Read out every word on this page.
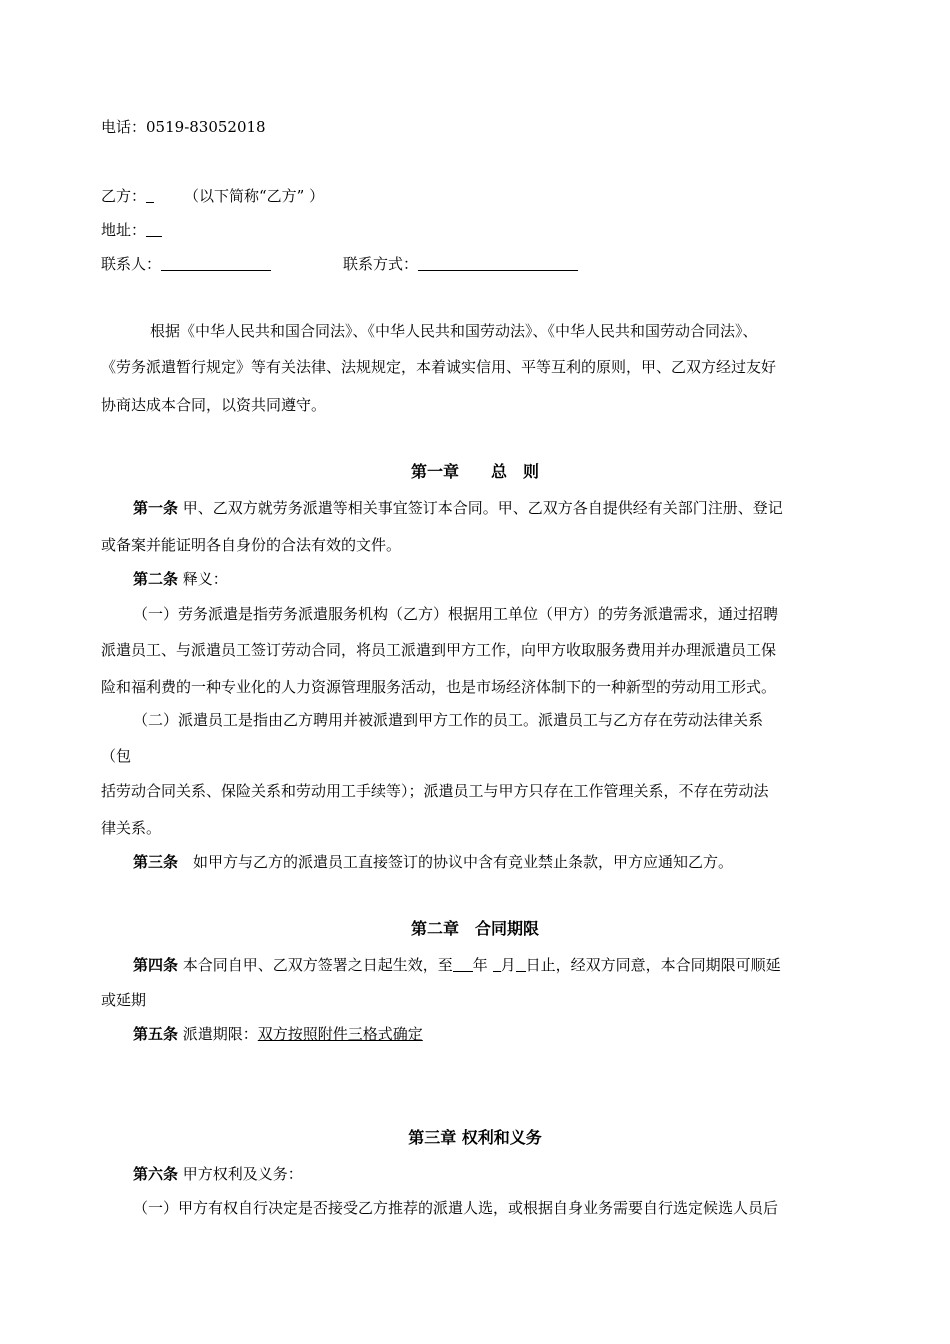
电话：0519-83052018
乙方：	（以下简称“乙方” ）
地址：
联系人：	联系方式：
根据《中华人民共和国合同法》、《中华人民共和国劳动法》、《中华人民共和国劳动合同法》、
《劳务派遣暂行规定》等有关法律、法规规定，本着诚实信用、平等互利的原则，甲、乙双方经过友好
协商达成本合同，以资共同遵守。
第一章　　总　则
第一条 甲、乙双方就劳务派遣等相关事宜签订本合同。甲、乙双方各自提供经有关部门注册、登记
或备案并能证明各自身份的合法有效的文件。
第二条 释义：
（一）劳务派遣是指劳务派遣服务机构（乙方）根据用工单位（甲方）的劳务派遣需求，通过招聘
派遣员工、与派遣员工签订劳动合同，将员工派遣到甲方工作，向甲方收取服务费用并办理派遣员工保
险和福利费的一种专业化的人力资源管理服务活动，也是市场经济体制下的一种新型的劳动用工形式。
（二）派遣员工是指由乙方聘用并被派遣到甲方工作的员工。派遣员工与乙方存在劳动法律关系
（包
括劳动合同关系、保险关系和劳动用工手续等）；派遣员工与甲方只存在工作管理关系，不存在劳动法
律关系。
第三条　如甲方与乙方的派遣员工直接签订的协议中含有竞业禁止条款，甲方应通知乙方。
第二章　合同期限
第四条 本合同自甲、乙双方签署之日起生效，至 年 月 日止，经双方同意，本合同期限可顺延
或延期
第五条 派遣期限：双方按照附件三格式确定
第三章 权利和义务
第六条 甲方权利及义务：
（一）甲方有权自行决定是否接受乙方推荐的派遣人选，或根据自身业务需要自行选定候选人员后
